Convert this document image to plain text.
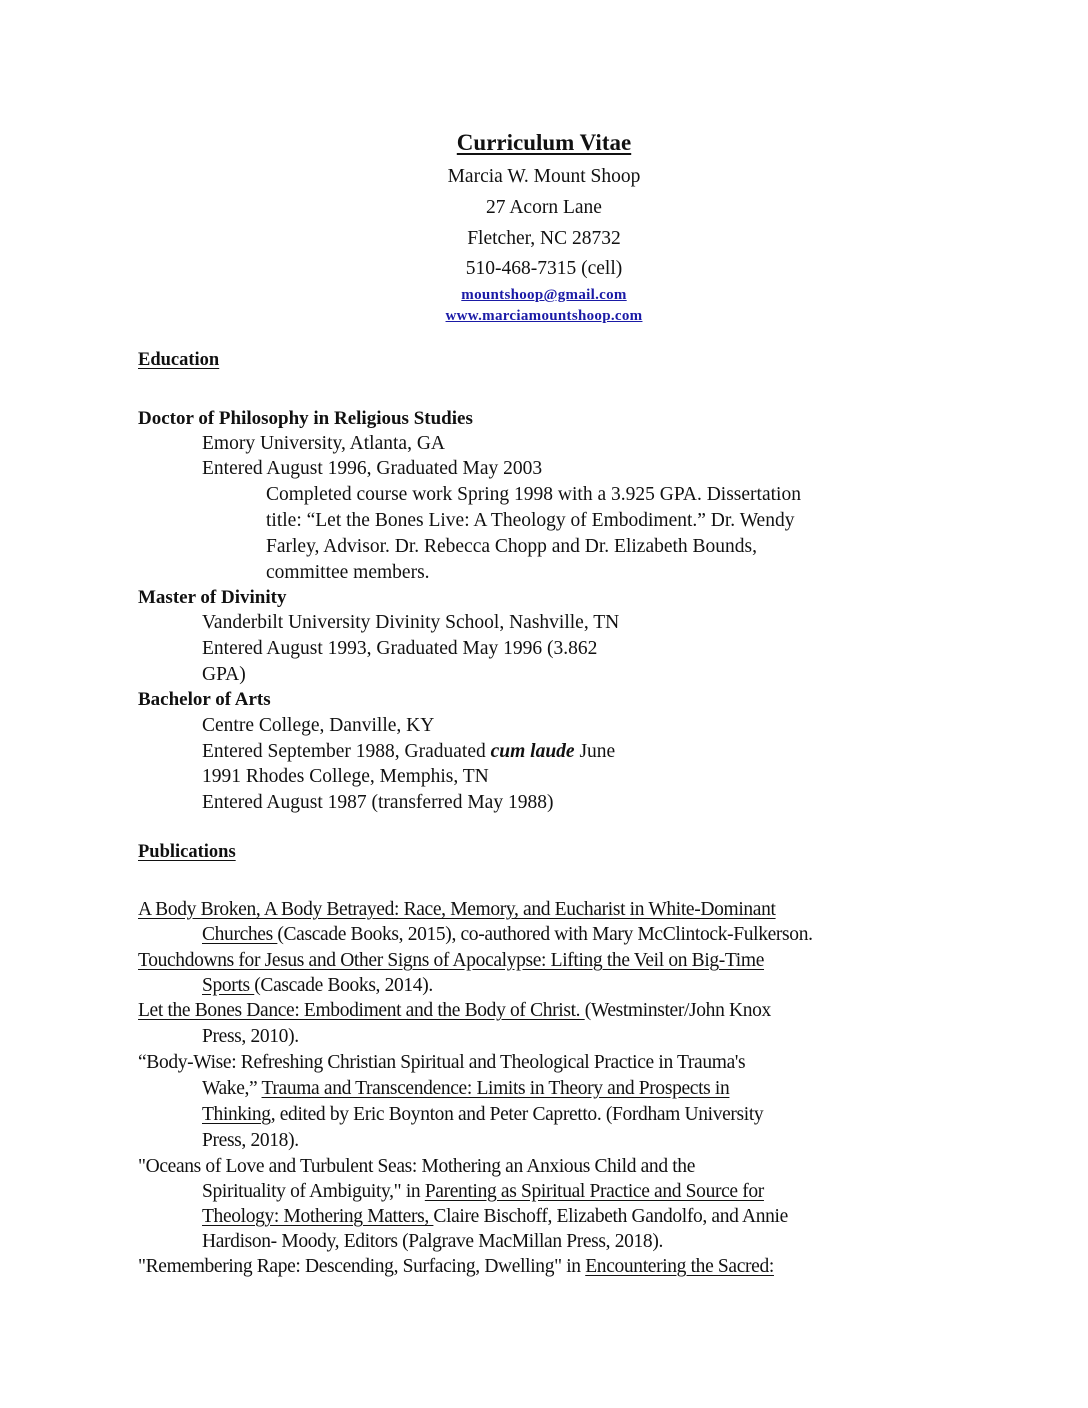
Curriculum Vitae
Marcia W. Mount Shoop
27 Acorn Lane
Fletcher, NC 28732
510-468-7315 (cell)
mountshoop@gmail.com
www.marciamountshoop.com
Education
Doctor of Philosophy in Religious Studies
Emory University, Atlanta, GA
Entered August 1996, Graduated May 2003
Completed course work Spring 1998 with a 3.925 GPA. Dissertation
title: “Let the Bones Live: A Theology of Embodiment.” Dr. Wendy
Farley, Advisor. Dr. Rebecca Chopp and Dr. Elizabeth Bounds,
committee members.
Master of Divinity
Vanderbilt University Divinity School, Nashville, TN
Entered August 1993, Graduated May 1996 (3.862
GPA)
Bachelor of Arts
Centre College, Danville, KY
Entered September 1988, Graduated cum laude June
1991 Rhodes College, Memphis, TN
Entered August 1987 (transferred May 1988)
Publications
A Body Broken, A Body Betrayed: Race, Memory, and Eucharist in White-Dominant
Churches (Cascade Books, 2015), co-authored with Mary McClintock-Fulkerson.
Touchdowns for Jesus and Other Signs of Apocalypse: Lifting the Veil on Big-Time
Sports (Cascade Books, 2014).
Let the Bones Dance: Embodiment and the Body of Christ. (Westminster/John Knox
Press, 2010).
“Body-Wise: Refreshing Christian Spiritual and Theological Practice in Trauma's
Wake,” Trauma and Transcendence: Limits in Theory and Prospects in
Thinking, edited by Eric Boynton and Peter Capretto. (Fordham University
Press, 2018).
"Oceans of Love and Turbulent Seas: Mothering an Anxious Child and the
Spirituality of Ambiguity," in Parenting as Spiritual Practice and Source for
Theology: Mothering Matters, Claire Bischoff, Elizabeth Gandolfo, and Annie
Hardison- Moody, Editors (Palgrave MacMillan Press, 2018).
"Remembering Rape: Descending, Surfacing, Dwelling" in Encountering the Sacred:
